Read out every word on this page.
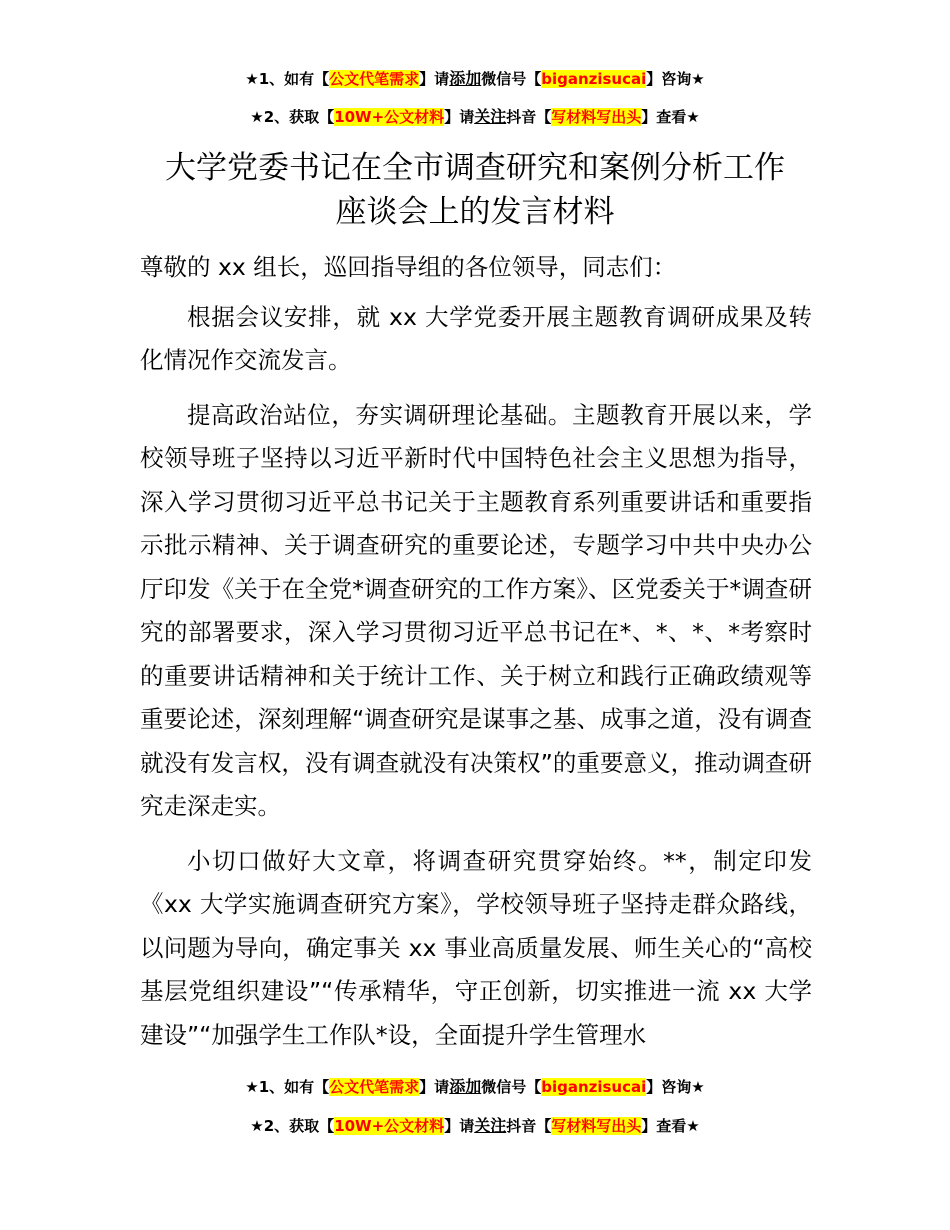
★1、如有【公文代笔需求】请添加微信号【biganzisucai】咨询★
★2、获取【10W+公文材料】请关注抖音【写材料写出头】查看★
大学党委书记在全市调查研究和案例分析工作
座谈会上的发言材料

尊敬的 xx 组长，巡回指导组的各位领导，同志们：

根据会议安排，就 xx 大学党委开展主题教育调研成果及转化情况作交流发言。

提高政治站位，夯实调研理论基础。主题教育开展以来，学校领导班子坚持以习近平新时代中国特色社会主义思想为指导，深入学习贯彻习近平总书记关于主题教育系列重要讲话和重要指示批示精神、关于调查研究的重要论述，专题学习中共中央办公厅印发《关于在全党*调查研究的工作方案》、区党委关于*调查研究的部署要求，深入学习贯彻习近平总书记在*、*、*、*考察时的重要讲话精神和关于统计工作、关于树立和践行正确政绩观等重要论述，深刻理解“调查研究是谋事之基、成事之道，没有调查就没有发言权，没有调查就没有决策权”的重要意义，推动调查研究走深走实。

小切口做好大文章，将调查研究贯穿始终。**，制定印发《xx 大学实施调查研究方案》，学校领导班子坚持走群众路线，以问题为导向，确定事关 xx 事业高质量发展、师生关心的“高校基层党组织建设”“传承精华，守正创新，切实推进一流 xx 大学建设”“加强学生工作队*设，全面提升学生管理水

★1、如有【公文代笔需求】请添加微信号【biganzisucai】咨询★
★2、获取【10W+公文材料】请关注抖音【写材料写出头】查看★
